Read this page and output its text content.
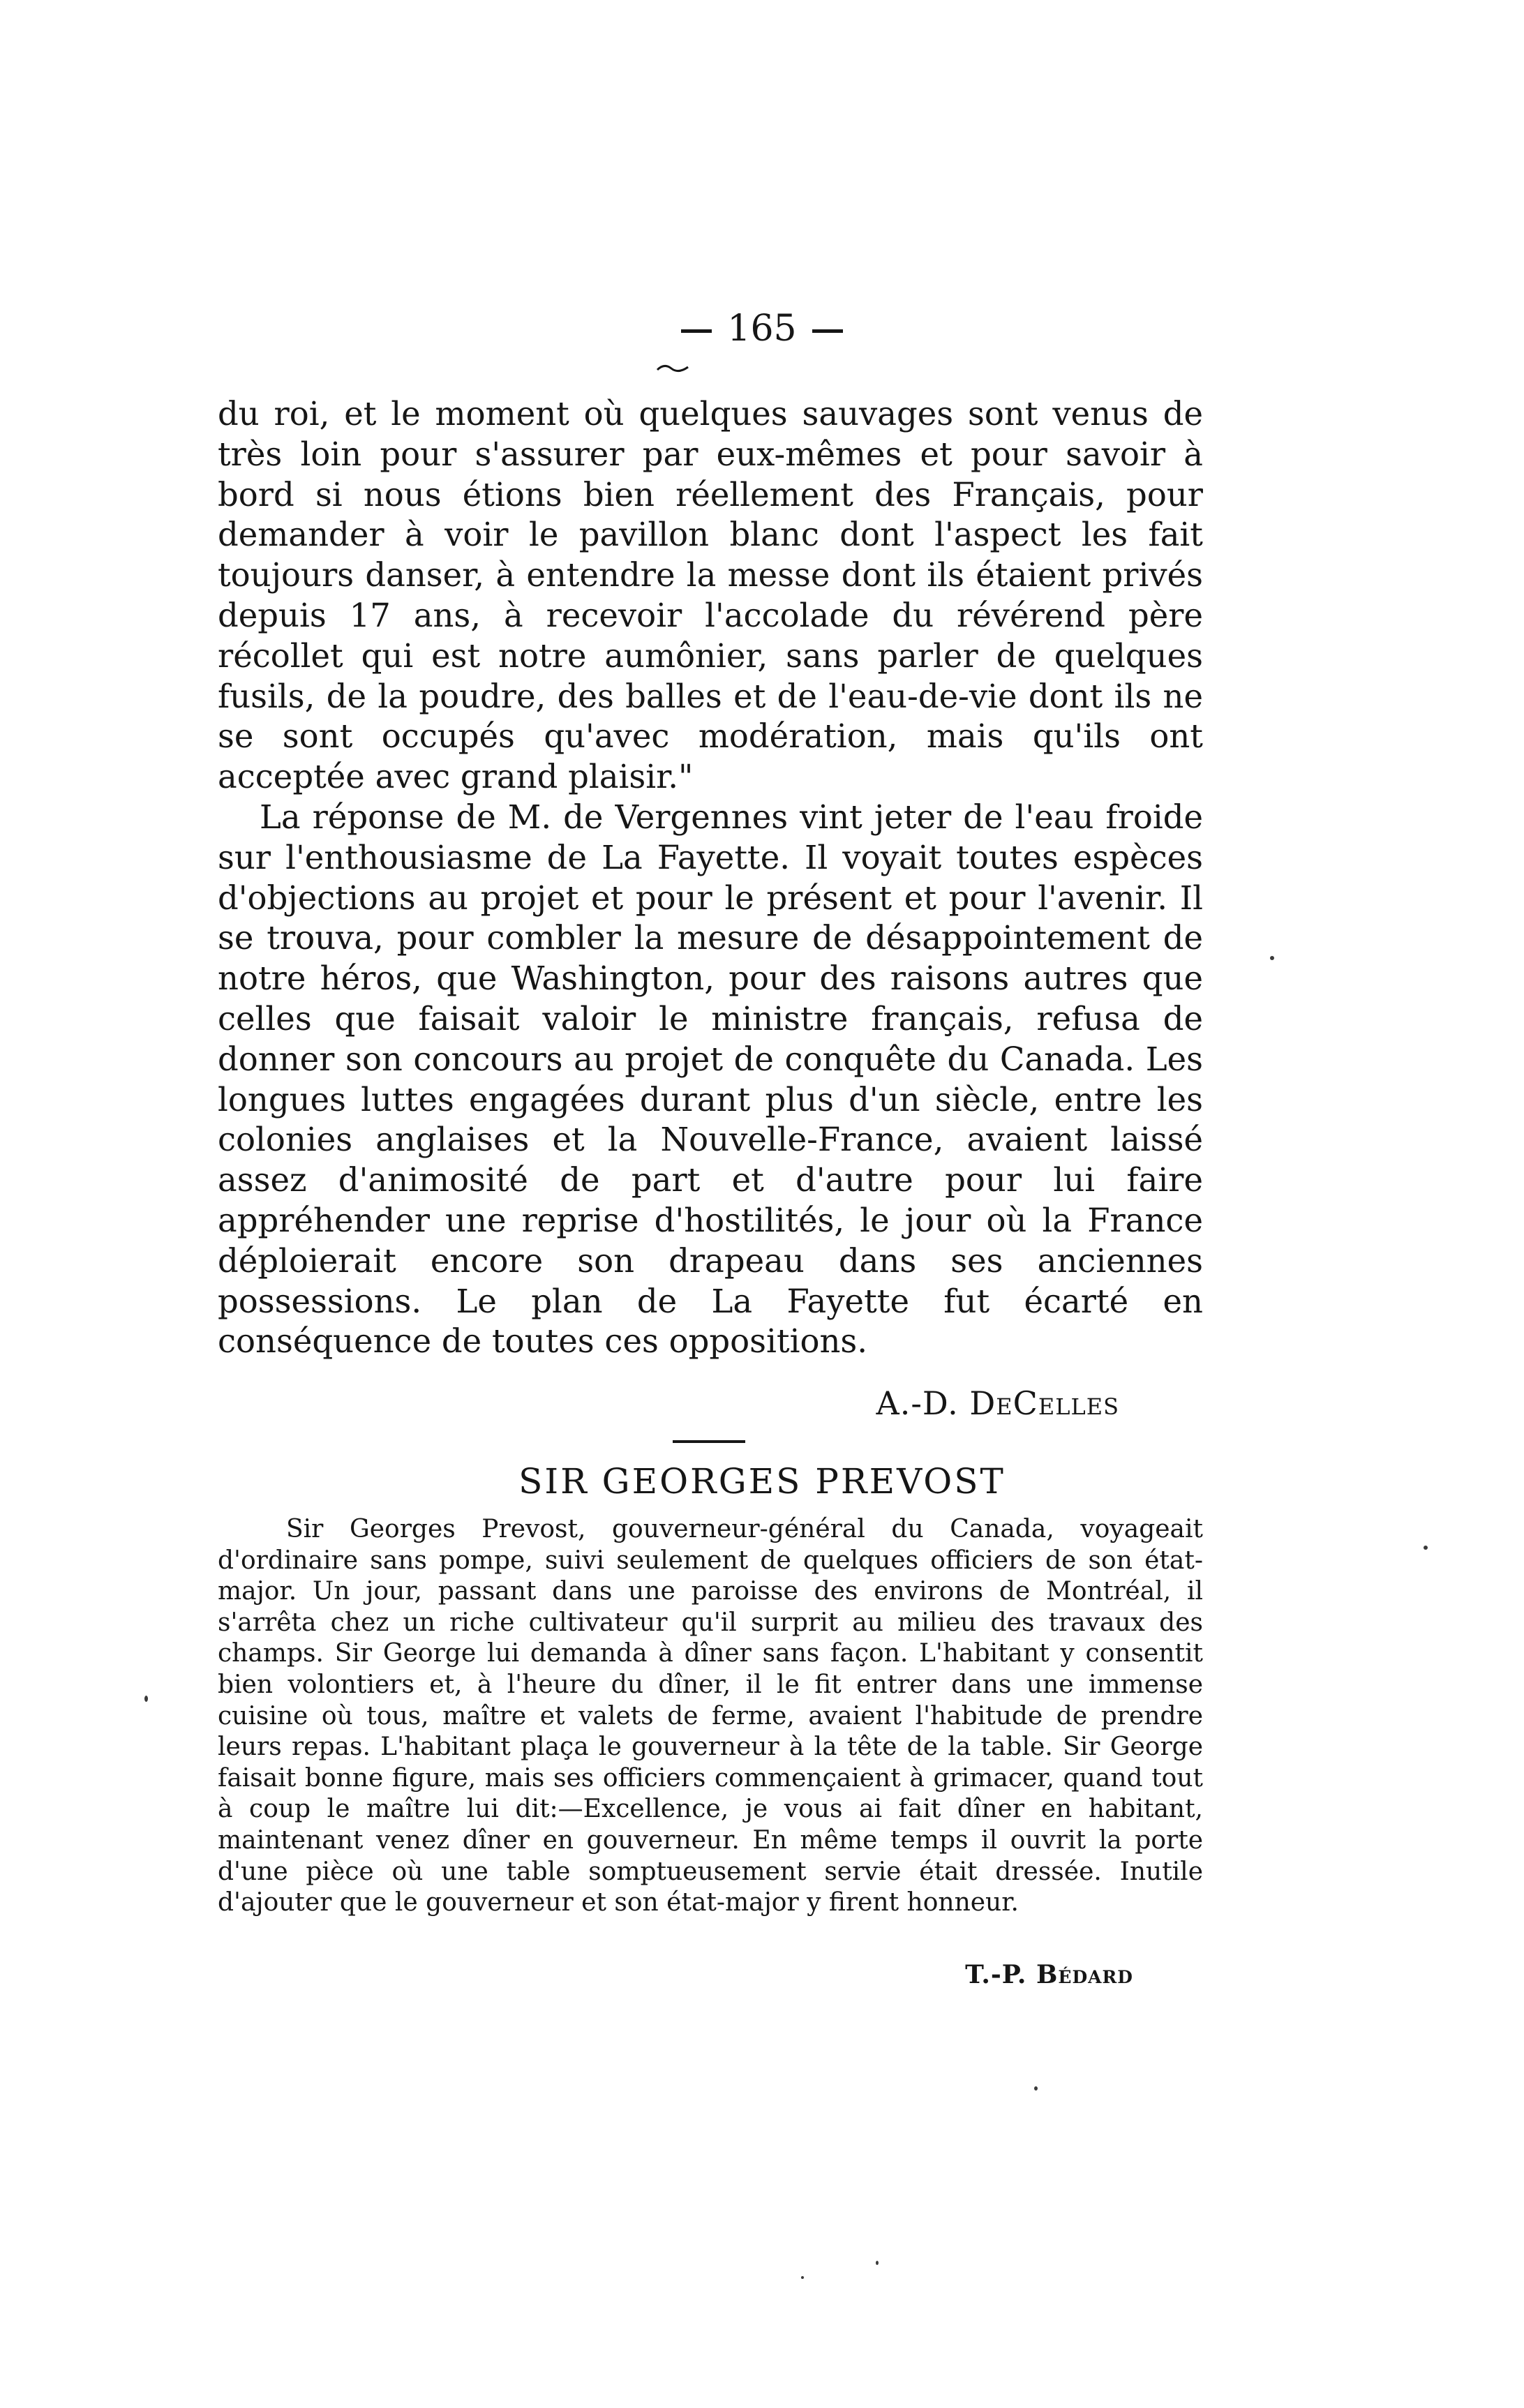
165

du roi, et le moment où quelques sauvages sont venus de très loin pour s'assurer par eux-mêmes et pour savoir à bord si nous étions bien réellement des Français, pour demander à voir le pavillon blanc dont l'aspect les fait toujours danser, à entendre la messe dont ils étaient privés depuis 17 ans, à recevoir l'accolade du révérend père récollet qui est notre aumônier, sans parler de quelques fusils, de la poudre, des balles et de l'eau-de-vie dont ils ne se sont occupés qu'avec modération, mais qu'ils ont acceptée avec grand plaisir."

La réponse de M. de Vergennes vint jeter de l'eau froide sur l'enthousiasme de La Fayette. Il voyait toutes espèces d'objections au projet et pour le présent et pour l'avenir. Il se trouva, pour combler la mesure de désappointement de notre héros, que Washington, pour des raisons autres que celles que faisait valoir le ministre français, refusa de donner son concours au projet de conquête du Canada. Les longues luttes engagées durant plus d'un siècle, entre les colonies anglaises et la Nouvelle-France, avaient laissé assez d'animosité de part et d'autre pour lui faire appréhender une reprise d'hostilités, le jour où la France déploierait encore son drapeau dans ses anciennes possessions. Le plan de La Fayette fut écarté en conséquence de toutes ces oppositions.

A.-D. DeCelles
SIR GEORGES PREVOST

Sir Georges Prevost, gouverneur-général du Canada, voyageait d'ordinaire sans pompe, suivi seulement de quelques officiers de son état-major. Un jour, passant dans une paroisse des environs de Montréal, il s'arrêta chez un riche cultivateur qu'il surprit au milieu des travaux des champs. Sir George lui demanda à dîner sans façon. L'habitant y consentit bien volontiers et, à l'heure du dîner, il le fit entrer dans une immense cuisine où tous, maître et valets de ferme, avaient l'habitude de prendre leurs repas. L'habitant plaça le gouverneur à la tête de la table. Sir George faisait bonne figure, mais ses officiers commençaient à grimacer, quand tout à coup le maître lui dit:—Excellence, je vous ai fait dîner en habitant, maintenant venez dîner en gouverneur. En même temps il ouvrit la porte d'une pièce où une table somptueusement servie était dressée. Inutile d'ajouter que le gouverneur et son état-major y firent honneur.

T.-P. Bédard
